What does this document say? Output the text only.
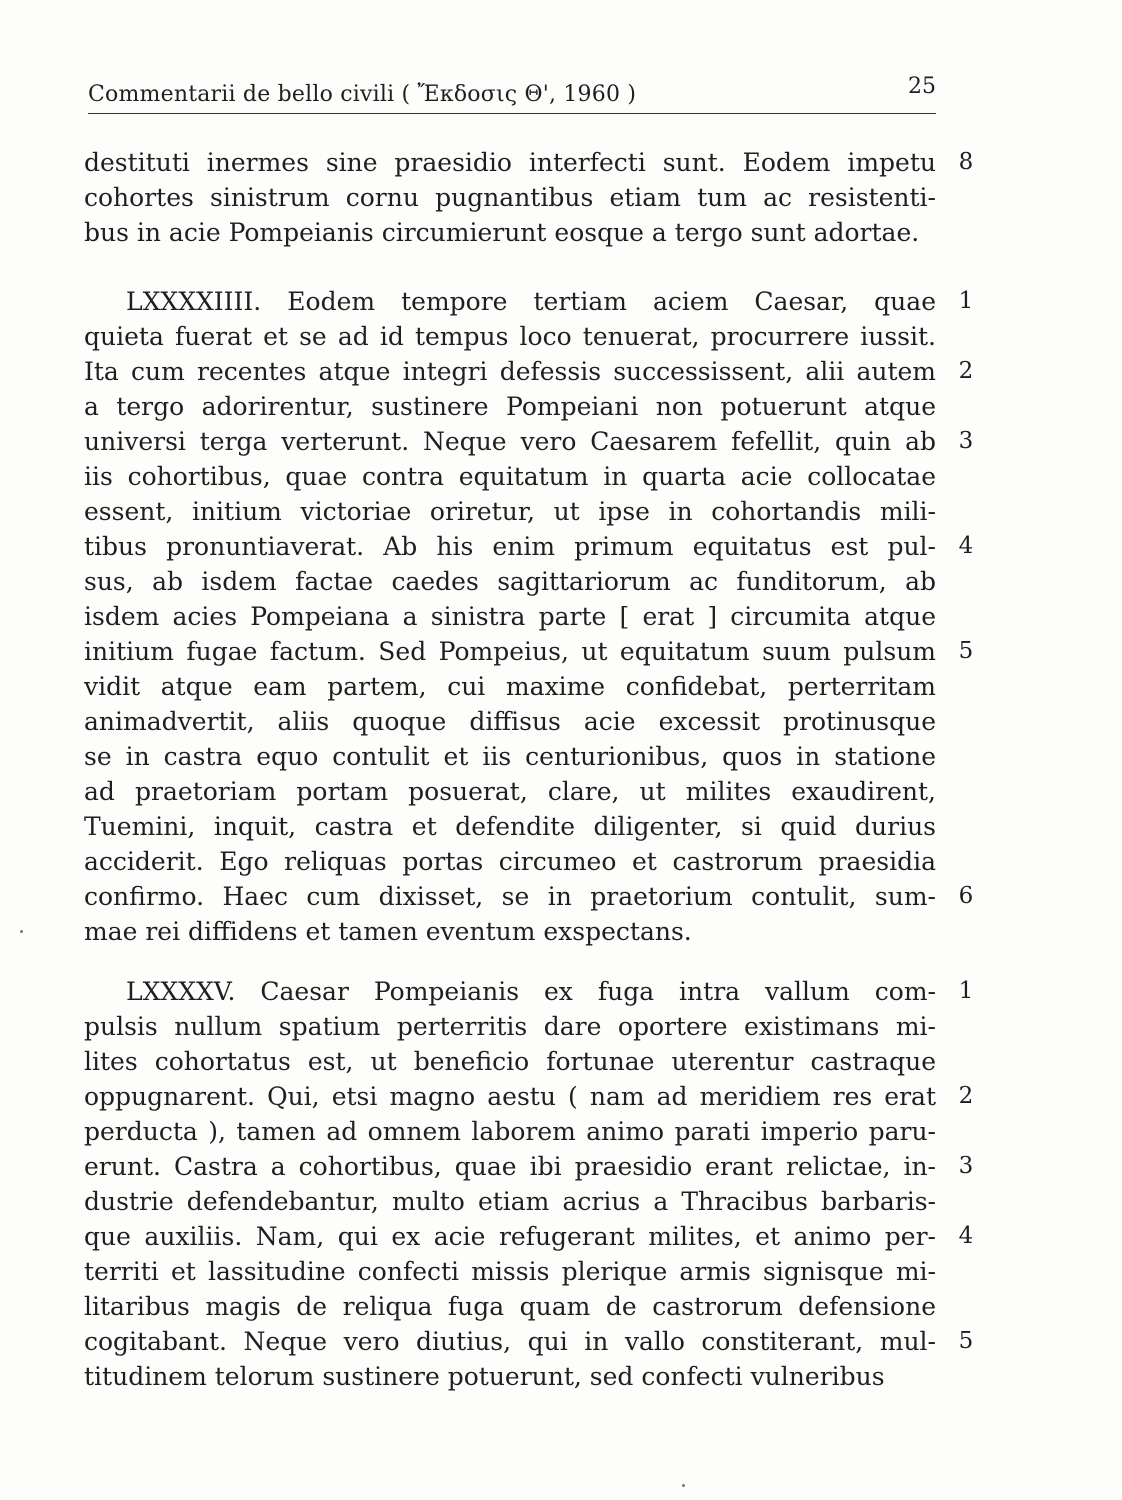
Commentarii de bello civili ( Ἔκδοσις Θ', 1960 )	25
destituti inermes sine praesidio interfecti sunt. Eodem impetu
cohortes sinistrum cornu pugnantibus etiam tum ac resistenti-
bus in acie Pompeianis circumierunt eosque a tergo sunt adortae.
8
LXXXXIIII. Eodem tempore tertiam aciem Caesar, quae
quieta fuerat et se ad id tempus loco tenuerat, procurrere iussit.
Ita cum recentes atque integri defessis successissent, alii autem
a tergo adorirentur, sustinere Pompeiani non potuerunt atque
universi terga verterunt. Neque vero Caesarem fefellit, quin ab
iis cohortibus, quae contra equitatum in quarta acie collocatae
essent, initium victoriae oriretur, ut ipse in cohortandis mili-
tibus pronuntiaverat. Ab his enim primum equitatus est pul-
sus, ab isdem factae caedes sagittariorum ac funditorum, ab
isdem acies Pompeiana a sinistra parte [ erat ] circumita atque
initium fugae factum. Sed Pompeius, ut equitatum suum pulsum
vidit atque eam partem, cui maxime confidebat, perterritam
animadvertit, aliis quoque diffisus acie excessit protinusque
se in castra equo contulit et iis centurionibus, quos in statione
ad praetoriam portam posuerat, clare, ut milites exaudirent,
Tuemini, inquit, castra et defendite diligenter, si quid durius
acciderit. Ego reliquas portas circumeo et castrorum praesidia
confirmo. Haec cum dixisset, se in praetorium contulit, sum-
mae rei diffidens et tamen eventum exspectans.
1
2
3
4
5
6
LXXXXV. Caesar Pompeianis ex fuga intra vallum com-
pulsis nullum spatium perterritis dare oportere existimans mi-
lites cohortatus est, ut beneficio fortunae uterentur castraque
oppugnarent. Qui, etsi magno aestu ( nam ad meridiem res erat
perducta ), tamen ad omnem laborem animo parati imperio paru-
erunt. Castra a cohortibus, quae ibi praesidio erant relictae, in-
dustrie defendebantur, multo etiam acrius a Thracibus barbaris-
que auxiliis. Nam, qui ex acie refugerant milites, et animo per-
territi et lassitudine confecti missis plerique armis signisque mi-
litaribus magis de reliqua fuga quam de castrorum defensione
cogitabant. Neque vero diutius, qui in vallo constiterant, mul-
titudinem telorum sustinere potuerunt, sed confecti vulneribus
1
2
3
4
5
